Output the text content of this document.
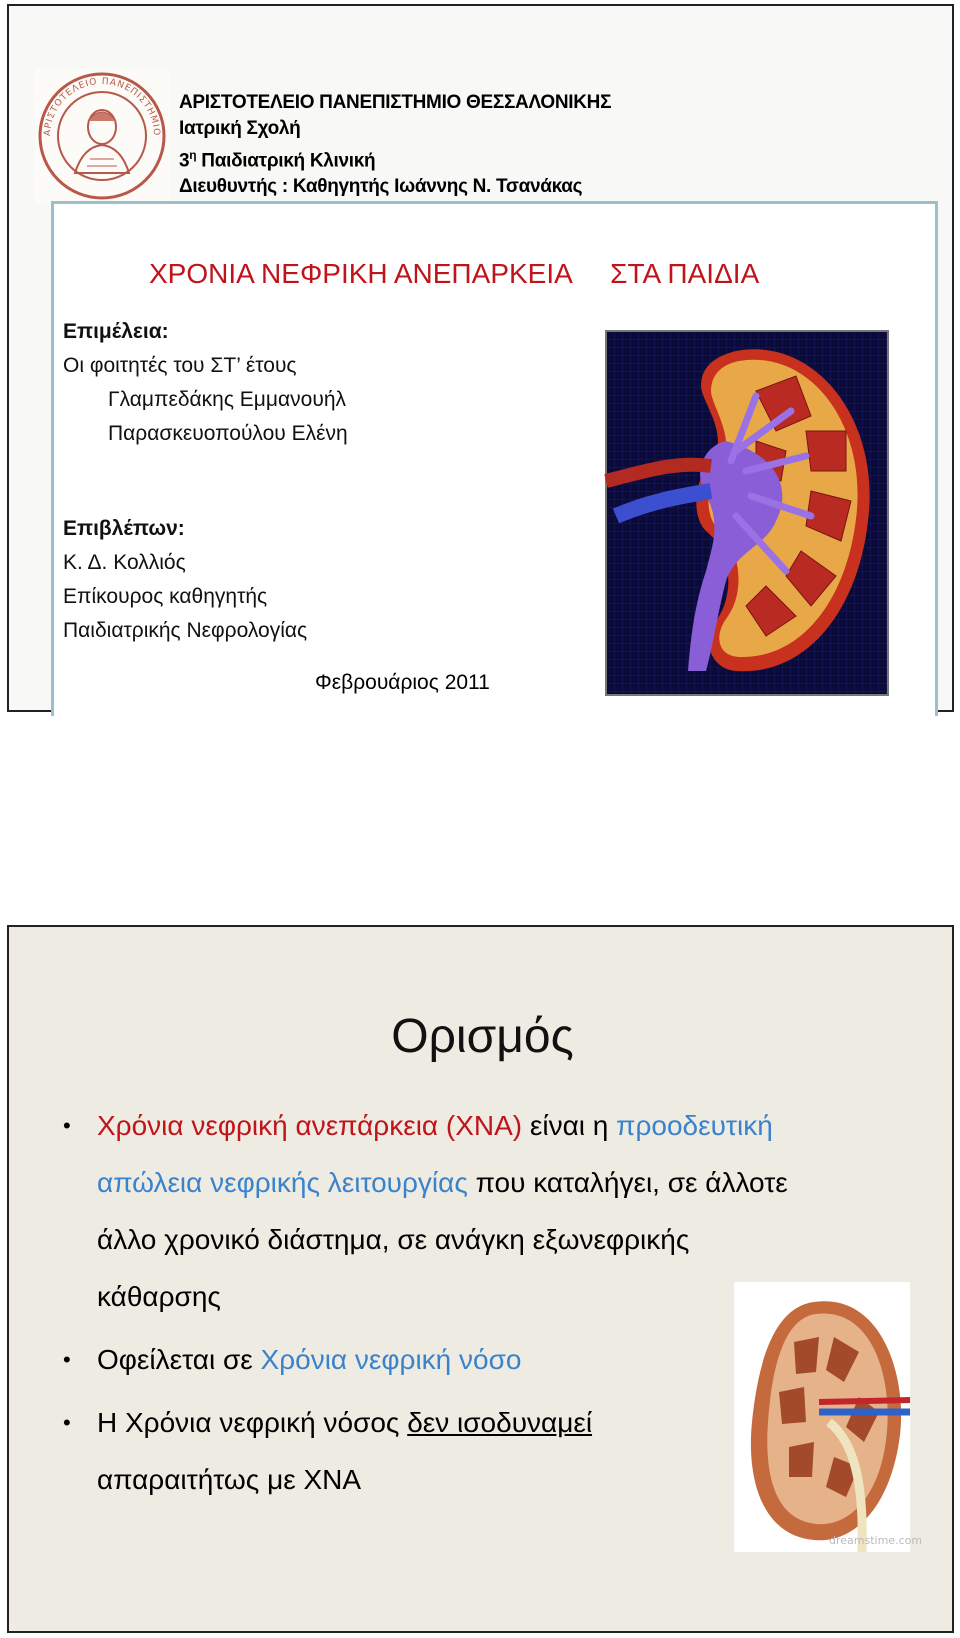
ΑΡΙΣΤΟΤΕΛΕΙΟ ΠΑΝΕΠΙΣΤΗΜΙΟ
ΑΡΙΣΤΟΤΕΛΕΙΟ ΠΑΝΕΠΙΣΤΗΜΙΟ ΘΕΣΣΑΛΟΝΙΚΗΣ
Ιατρική Σχολή
$3^\eta$ Παιδιατρική Κλινική
Διευθυντής : Καθηγητής Ιωάννης Ν. Τσανάκας
ΧΡΟΝΙΑ ΝΕΦΡΙΚΗ ΑΝΕΠΑΡΚΕΙΑ     ΣΤΑ ΠΑΙΔΙΑ
Επιμέλεια:
Οι φοιτητές του ΣΤ’ έτους
Γλαμπεδάκης Εμμανουήλ
Παρασκευοπούλου Ελένη
Επιβλέπων:
Κ. Δ. Κολλιός
Επίκουρος καθηγητής
Παιδιατρικής Νεφρολογίας
Φεβρουάριος 2011
Ορισμός
• Χρόνια νεφρική ανεπάρκεια (ΧΝΑ) είναι η προοδευτική
απώλεια νεφρικής λειτουργίας που καταλήγει, σε άλλοτε
άλλο χρονικό διάστημα, σε ανάγκη εξωνεφρικής
κάθαρσης
• Οφείλεται σε Χρόνια νεφρική νόσο
• Η Χρόνια νεφρική νόσος δεν ισοδυναμεί
απαραιτήτως με ΧΝΑ
dreamstime.com
